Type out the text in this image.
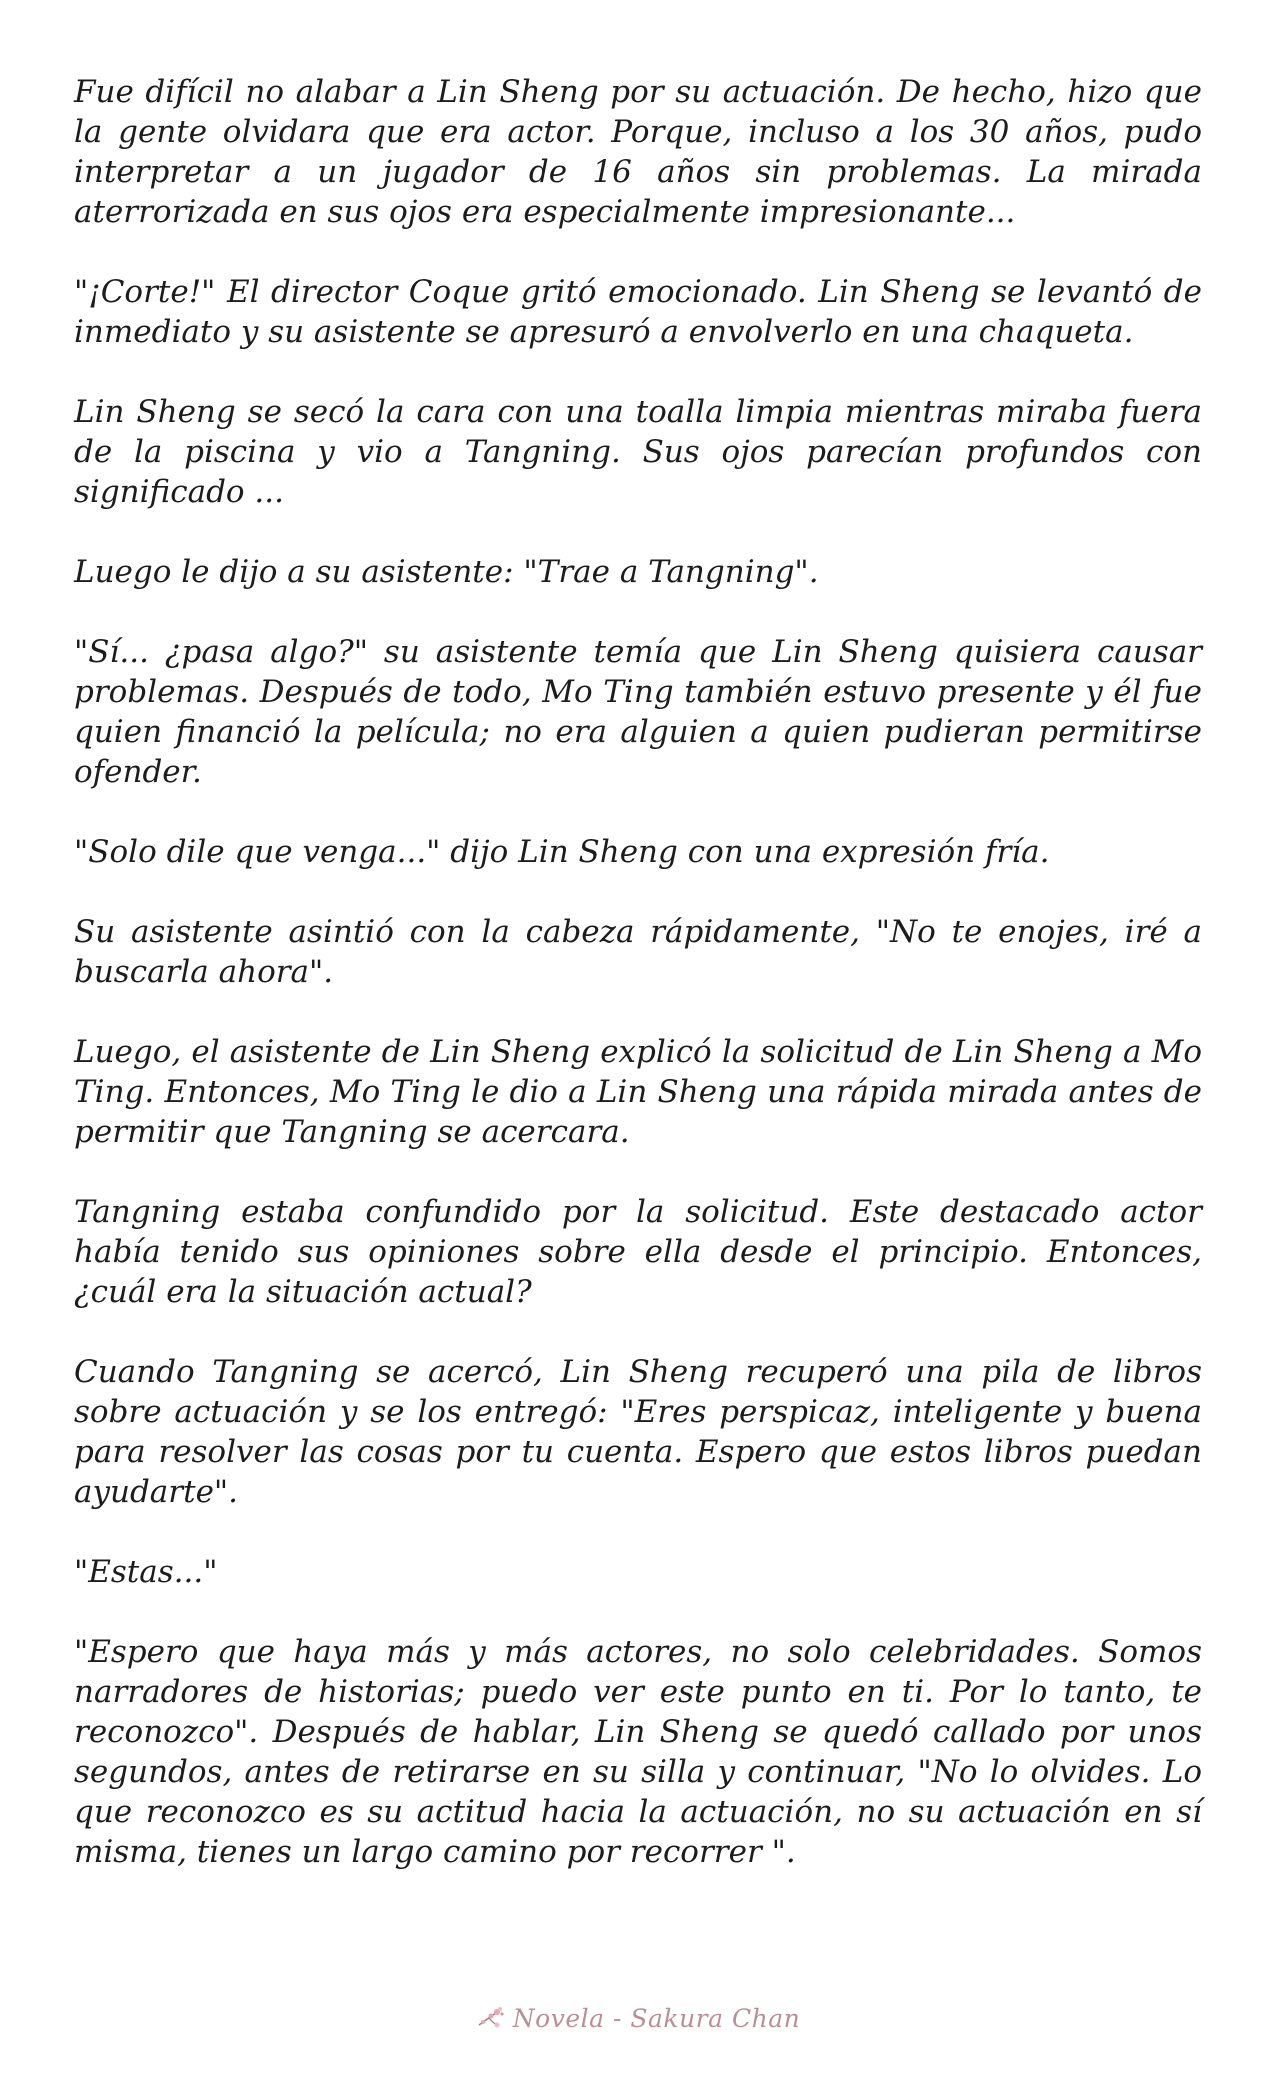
Fue difícil no alabar a Lin Sheng por su actuación. De hecho, hizo que la gente olvidara que era actor. Porque, incluso a los 30 años, pudo interpretar a un jugador de 16 años sin problemas. La mirada aterrorizada en sus ojos era especialmente impresionante...

"¡Corte!" El director Coque gritó emocionado. Lin Sheng se levantó de inmediato y su asistente se apresuró a envolverlo en una chaqueta.

Lin Sheng se secó la cara con una toalla limpia mientras miraba fuera de la piscina y vio a Tangning. Sus ojos parecían profundos con significado ...

Luego le dijo a su asistente: "Trae a Tangning".

"Sí... ¿pasa algo?" su asistente temía que Lin Sheng quisiera causar problemas. Después de todo, Mo Ting también estuvo presente y él fue quien financió la película; no era alguien a quien pudieran permitirse ofender.

"Solo dile que venga..." dijo Lin Sheng con una expresión fría.

Su asistente asintió con la cabeza rápidamente, "No te enojes, iré a buscarla ahora".

Luego, el asistente de Lin Sheng explicó la solicitud de Lin Sheng a Mo Ting. Entonces, Mo Ting le dio a Lin Sheng una rápida mirada antes de permitir que Tangning se acercara.

Tangning estaba confundido por la solicitud. Este destacado actor había tenido sus opiniones sobre ella desde el principio. Entonces, ¿cuál era la situación actual?

Cuando Tangning se acercó, Lin Sheng recuperó una pila de libros sobre actuación y se los entregó: "Eres perspicaz, inteligente y buena para resolver las cosas por tu cuenta. Espero que estos libros puedan ayudarte".

"Estas..."

"Espero que haya más y más actores, no solo celebridades. Somos narradores de historias; puedo ver este punto en ti. Por lo tanto, te reconozco". Después de hablar, Lin Sheng se quedó callado por unos segundos, antes de retirarse en su silla y continuar, "No lo olvides. Lo que reconozco es su actitud hacia la actuación, no su actuación en sí misma, tienes un largo camino por recorrer ".

Novela - Sakura Chan
